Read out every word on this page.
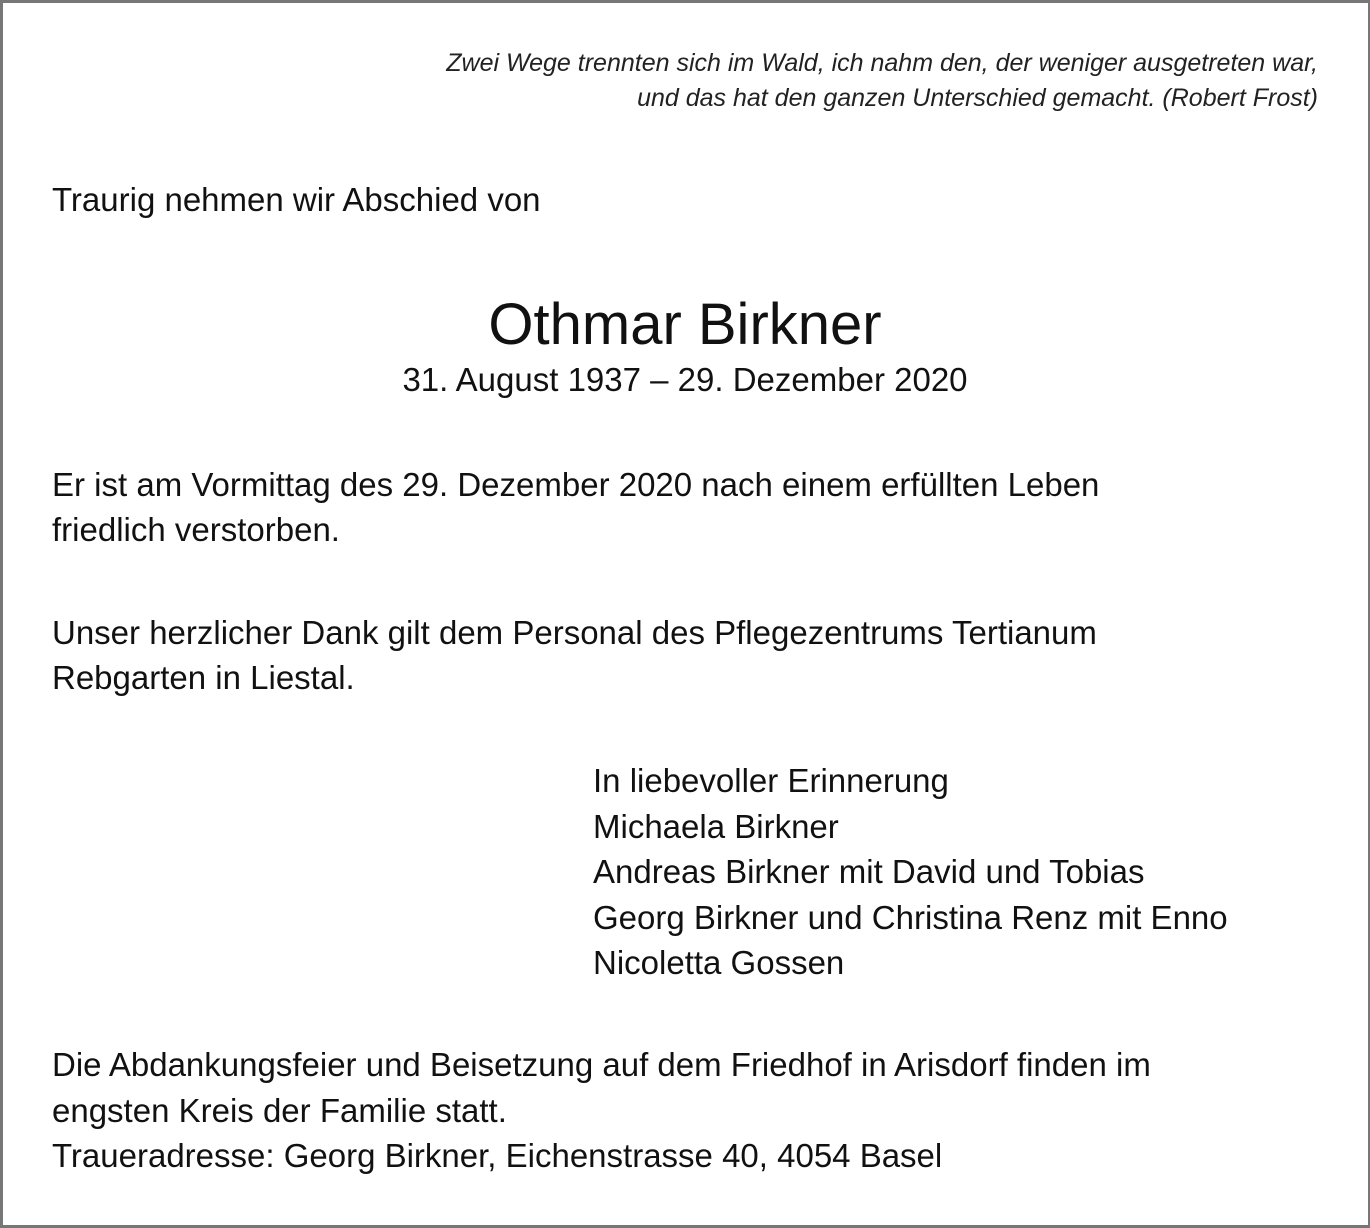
Zwei Wege trennten sich im Wald, ich nahm den, der weniger ausgetreten war,
und das hat den ganzen Unterschied gemacht. (Robert Frost)
Traurig nehmen wir Abschied von
Othmar Birkner
31. August 1937 – 29. Dezember 2020
Er ist am Vormittag des 29. Dezember 2020 nach einem erfüllten Leben
friedlich verstorben.
Unser herzlicher Dank gilt dem Personal des Pflegezentrums Tertianum
Rebgarten in Liestal.
In liebevoller Erinnerung
Michaela Birkner
Andreas Birkner mit David und Tobias
Georg Birkner und Christina Renz mit Enno
Nicoletta Gossen
Die Abdankungsfeier und Beisetzung auf dem Friedhof in Arisdorf finden im
engsten Kreis der Familie statt.
Traueradresse: Georg Birkner, Eichenstrasse 40, 4054 Basel
